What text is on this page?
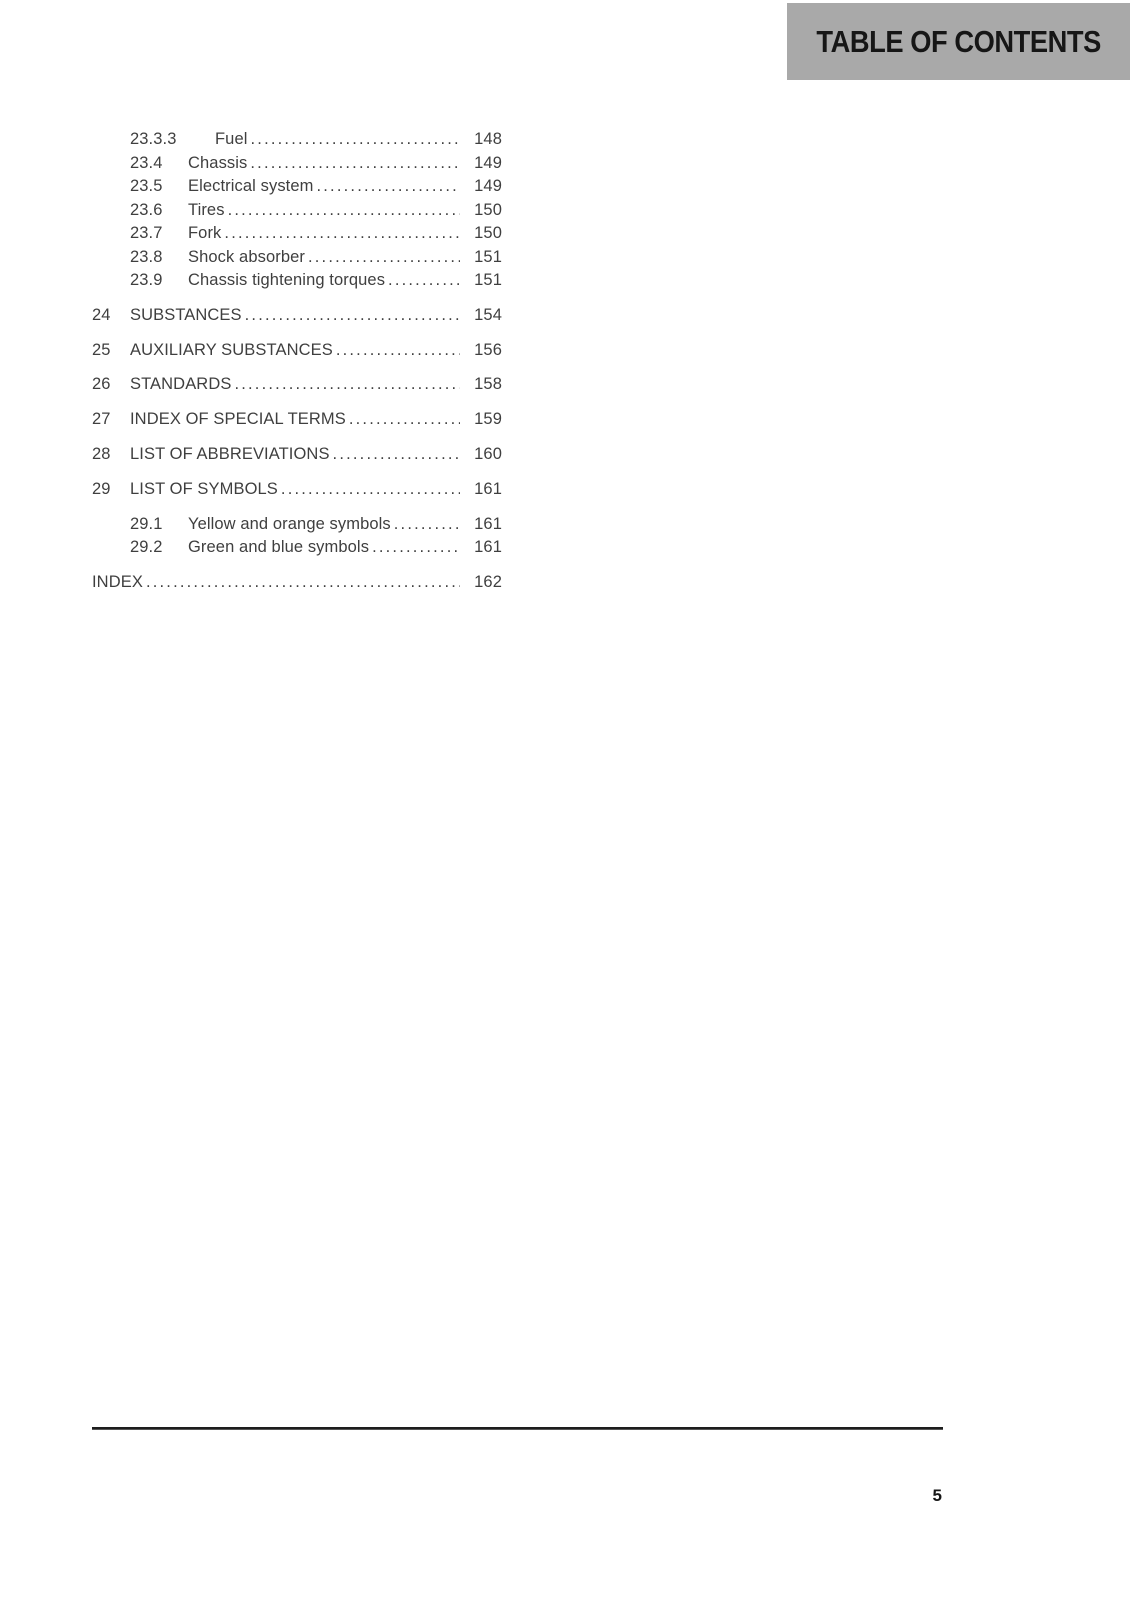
TABLE OF CONTENTS
23.3.3	Fuel .....	148
23.4	Chassis .....	149
23.5	Electrical system .....	149
23.6	Tires .....	150
23.7	Fork .....	150
23.8	Shock absorber .....	151
23.9	Chassis tightening torques .....	151
24	SUBSTANCES .....	154
25	AUXILIARY SUBSTANCES .....	156
26	STANDARDS .....	158
27	INDEX OF SPECIAL TERMS .....	159
28	LIST OF ABBREVIATIONS .....	160
29	LIST OF SYMBOLS .....	161
29.1	Yellow and orange symbols .....	161
29.2	Green and blue symbols .....	161
INDEX .....	162
5
